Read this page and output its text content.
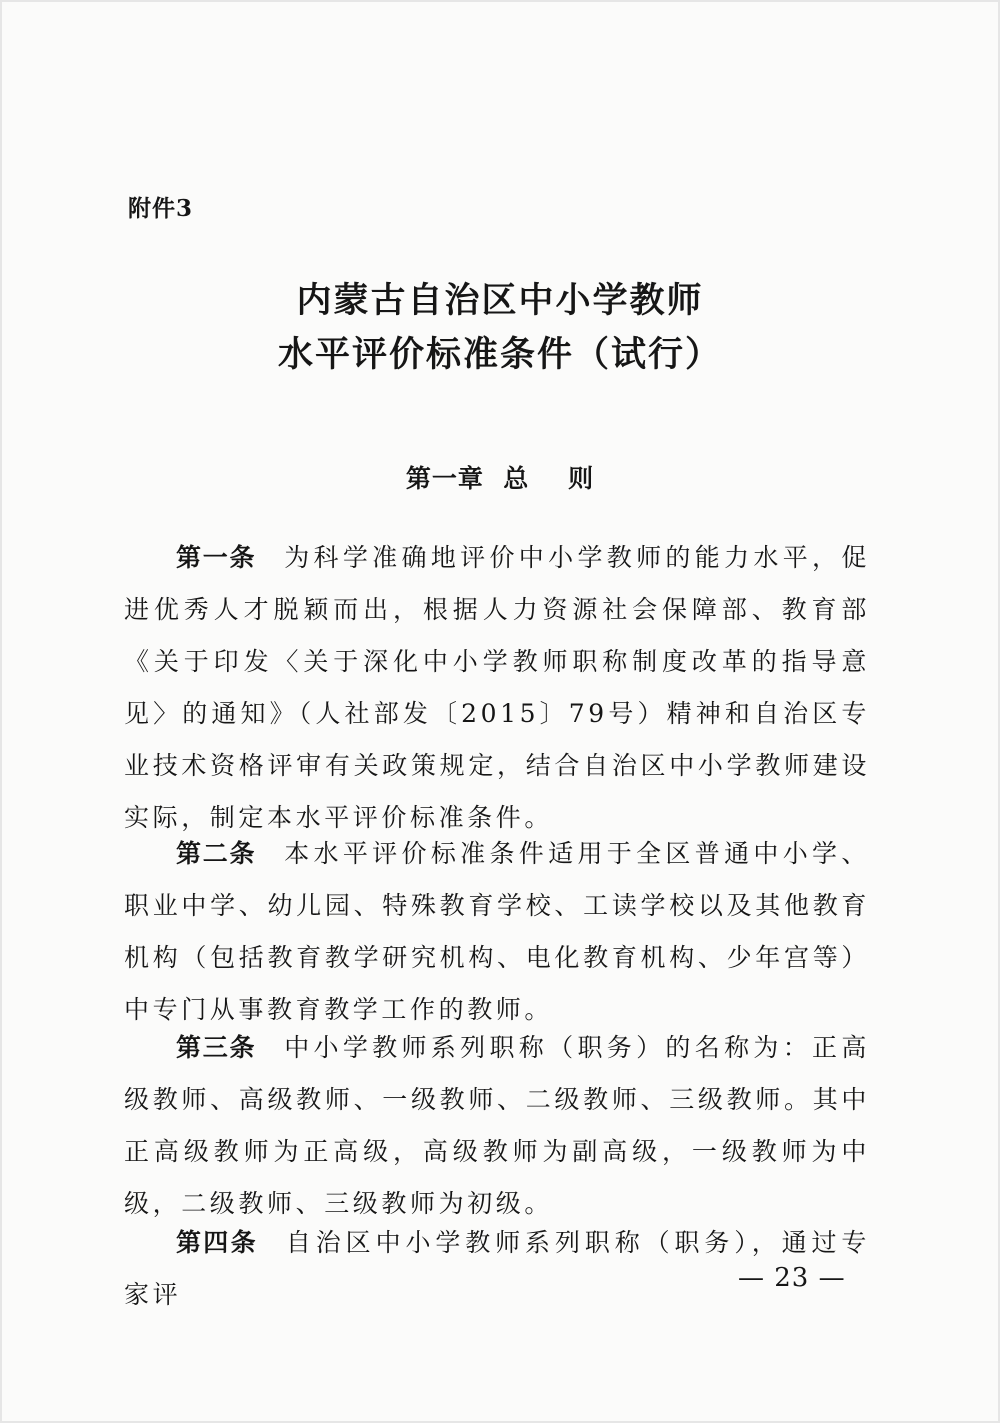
附件3
内蒙古自治区中小学教师
水平评价标准条件（试行）
第一章  总    则
第一条 为科学准确地评价中小学教师的能力水平，促进优秀人才脱颖而出，根据人力资源社会保障部、教育部《关于印发〈关于深化中小学教师职称制度改革的指导意见〉的通知》（人社部发〔2015〕79号）精神和自治区专业技术资格评审有关政策规定，结合自治区中小学教师建设实际，制定本水平评价标准条件。
第二条 本水平评价标准条件适用于全区普通中小学、职业中学、幼儿园、特殊教育学校、工读学校以及其他教育机构（包括教育教学研究机构、电化教育机构、少年宫等）中专门从事教育教学工作的教师。
第三条 中小学教师系列职称（职务）的名称为：正高级教师、高级教师、一级教师、二级教师、三级教师。其中正高级教师为正高级，高级教师为副高级，一级教师为中级，二级教师、三级教师为初级。
第四条 自治区中小学教师系列职称（职务），通过专家评
— 23 —
